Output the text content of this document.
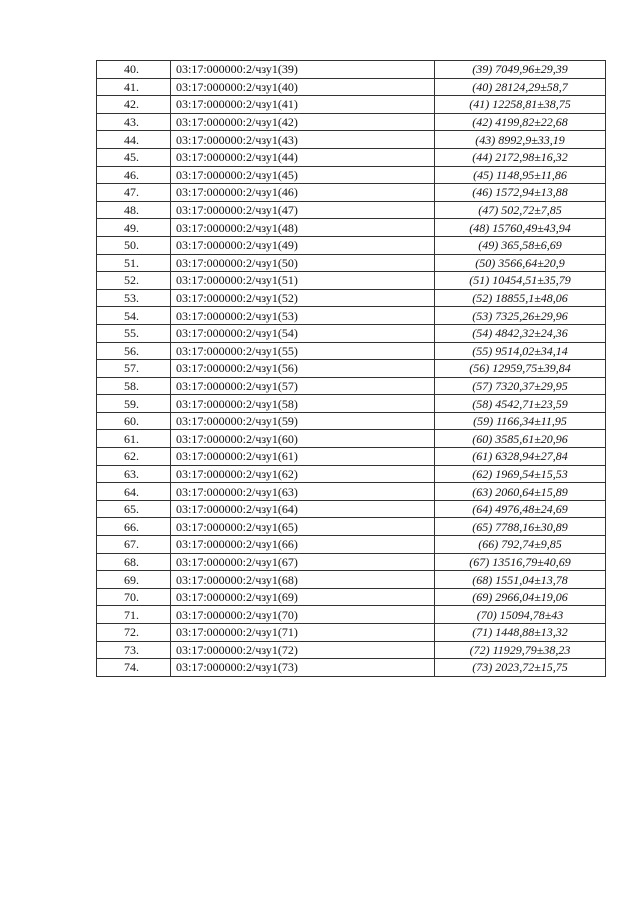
40.	03:17:000000:2/чзу1(39)	(39) 7049,96±29,39
41.	03:17:000000:2/чзу1(40)	(40) 28124,29±58,7
42.	03:17:000000:2/чзу1(41)	(41) 12258,81±38,75
43.	03:17:000000:2/чзу1(42)	(42) 4199,82±22,68
44.	03:17:000000:2/чзу1(43)	(43) 8992,9±33,19
45.	03:17:000000:2/чзу1(44)	(44) 2172,98±16,32
46.	03:17:000000:2/чзу1(45)	(45) 1148,95±11,86
47.	03:17:000000:2/чзу1(46)	(46) 1572,94±13,88
48.	03:17:000000:2/чзу1(47)	(47) 502,72±7,85
49.	03:17:000000:2/чзу1(48)	(48) 15760,49±43,94
50.	03:17:000000:2/чзу1(49)	(49) 365,58±6,69
51.	03:17:000000:2/чзу1(50)	(50) 3566,64±20,9
52.	03:17:000000:2/чзу1(51)	(51) 10454,51±35,79
53.	03:17:000000:2/чзу1(52)	(52) 18855,1±48,06
54.	03:17:000000:2/чзу1(53)	(53) 7325,26±29,96
55.	03:17:000000:2/чзу1(54)	(54) 4842,32±24,36
56.	03:17:000000:2/чзу1(55)	(55) 9514,02±34,14
57.	03:17:000000:2/чзу1(56)	(56) 12959,75±39,84
58.	03:17:000000:2/чзу1(57)	(57) 7320,37±29,95
59.	03:17:000000:2/чзу1(58)	(58) 4542,71±23,59
60.	03:17:000000:2/чзу1(59)	(59) 1166,34±11,95
61.	03:17:000000:2/чзу1(60)	(60) 3585,61±20,96
62.	03:17:000000:2/чзу1(61)	(61) 6328,94±27,84
63.	03:17:000000:2/чзу1(62)	(62) 1969,54±15,53
64.	03:17:000000:2/чзу1(63)	(63) 2060,64±15,89
65.	03:17:000000:2/чзу1(64)	(64) 4976,48±24,69
66.	03:17:000000:2/чзу1(65)	(65) 7788,16±30,89
67.	03:17:000000:2/чзу1(66)	(66) 792,74±9,85
68.	03:17:000000:2/чзу1(67)	(67) 13516,79±40,69
69.	03:17:000000:2/чзу1(68)	(68) 1551,04±13,78
70.	03:17:000000:2/чзу1(69)	(69) 2966,04±19,06
71.	03:17:000000:2/чзу1(70)	(70) 15094,78±43
72.	03:17:000000:2/чзу1(71)	(71) 1448,88±13,32
73.	03:17:000000:2/чзу1(72)	(72) 11929,79±38,23
74.	03:17:000000:2/чзу1(73)	(73) 2023,72±15,75
